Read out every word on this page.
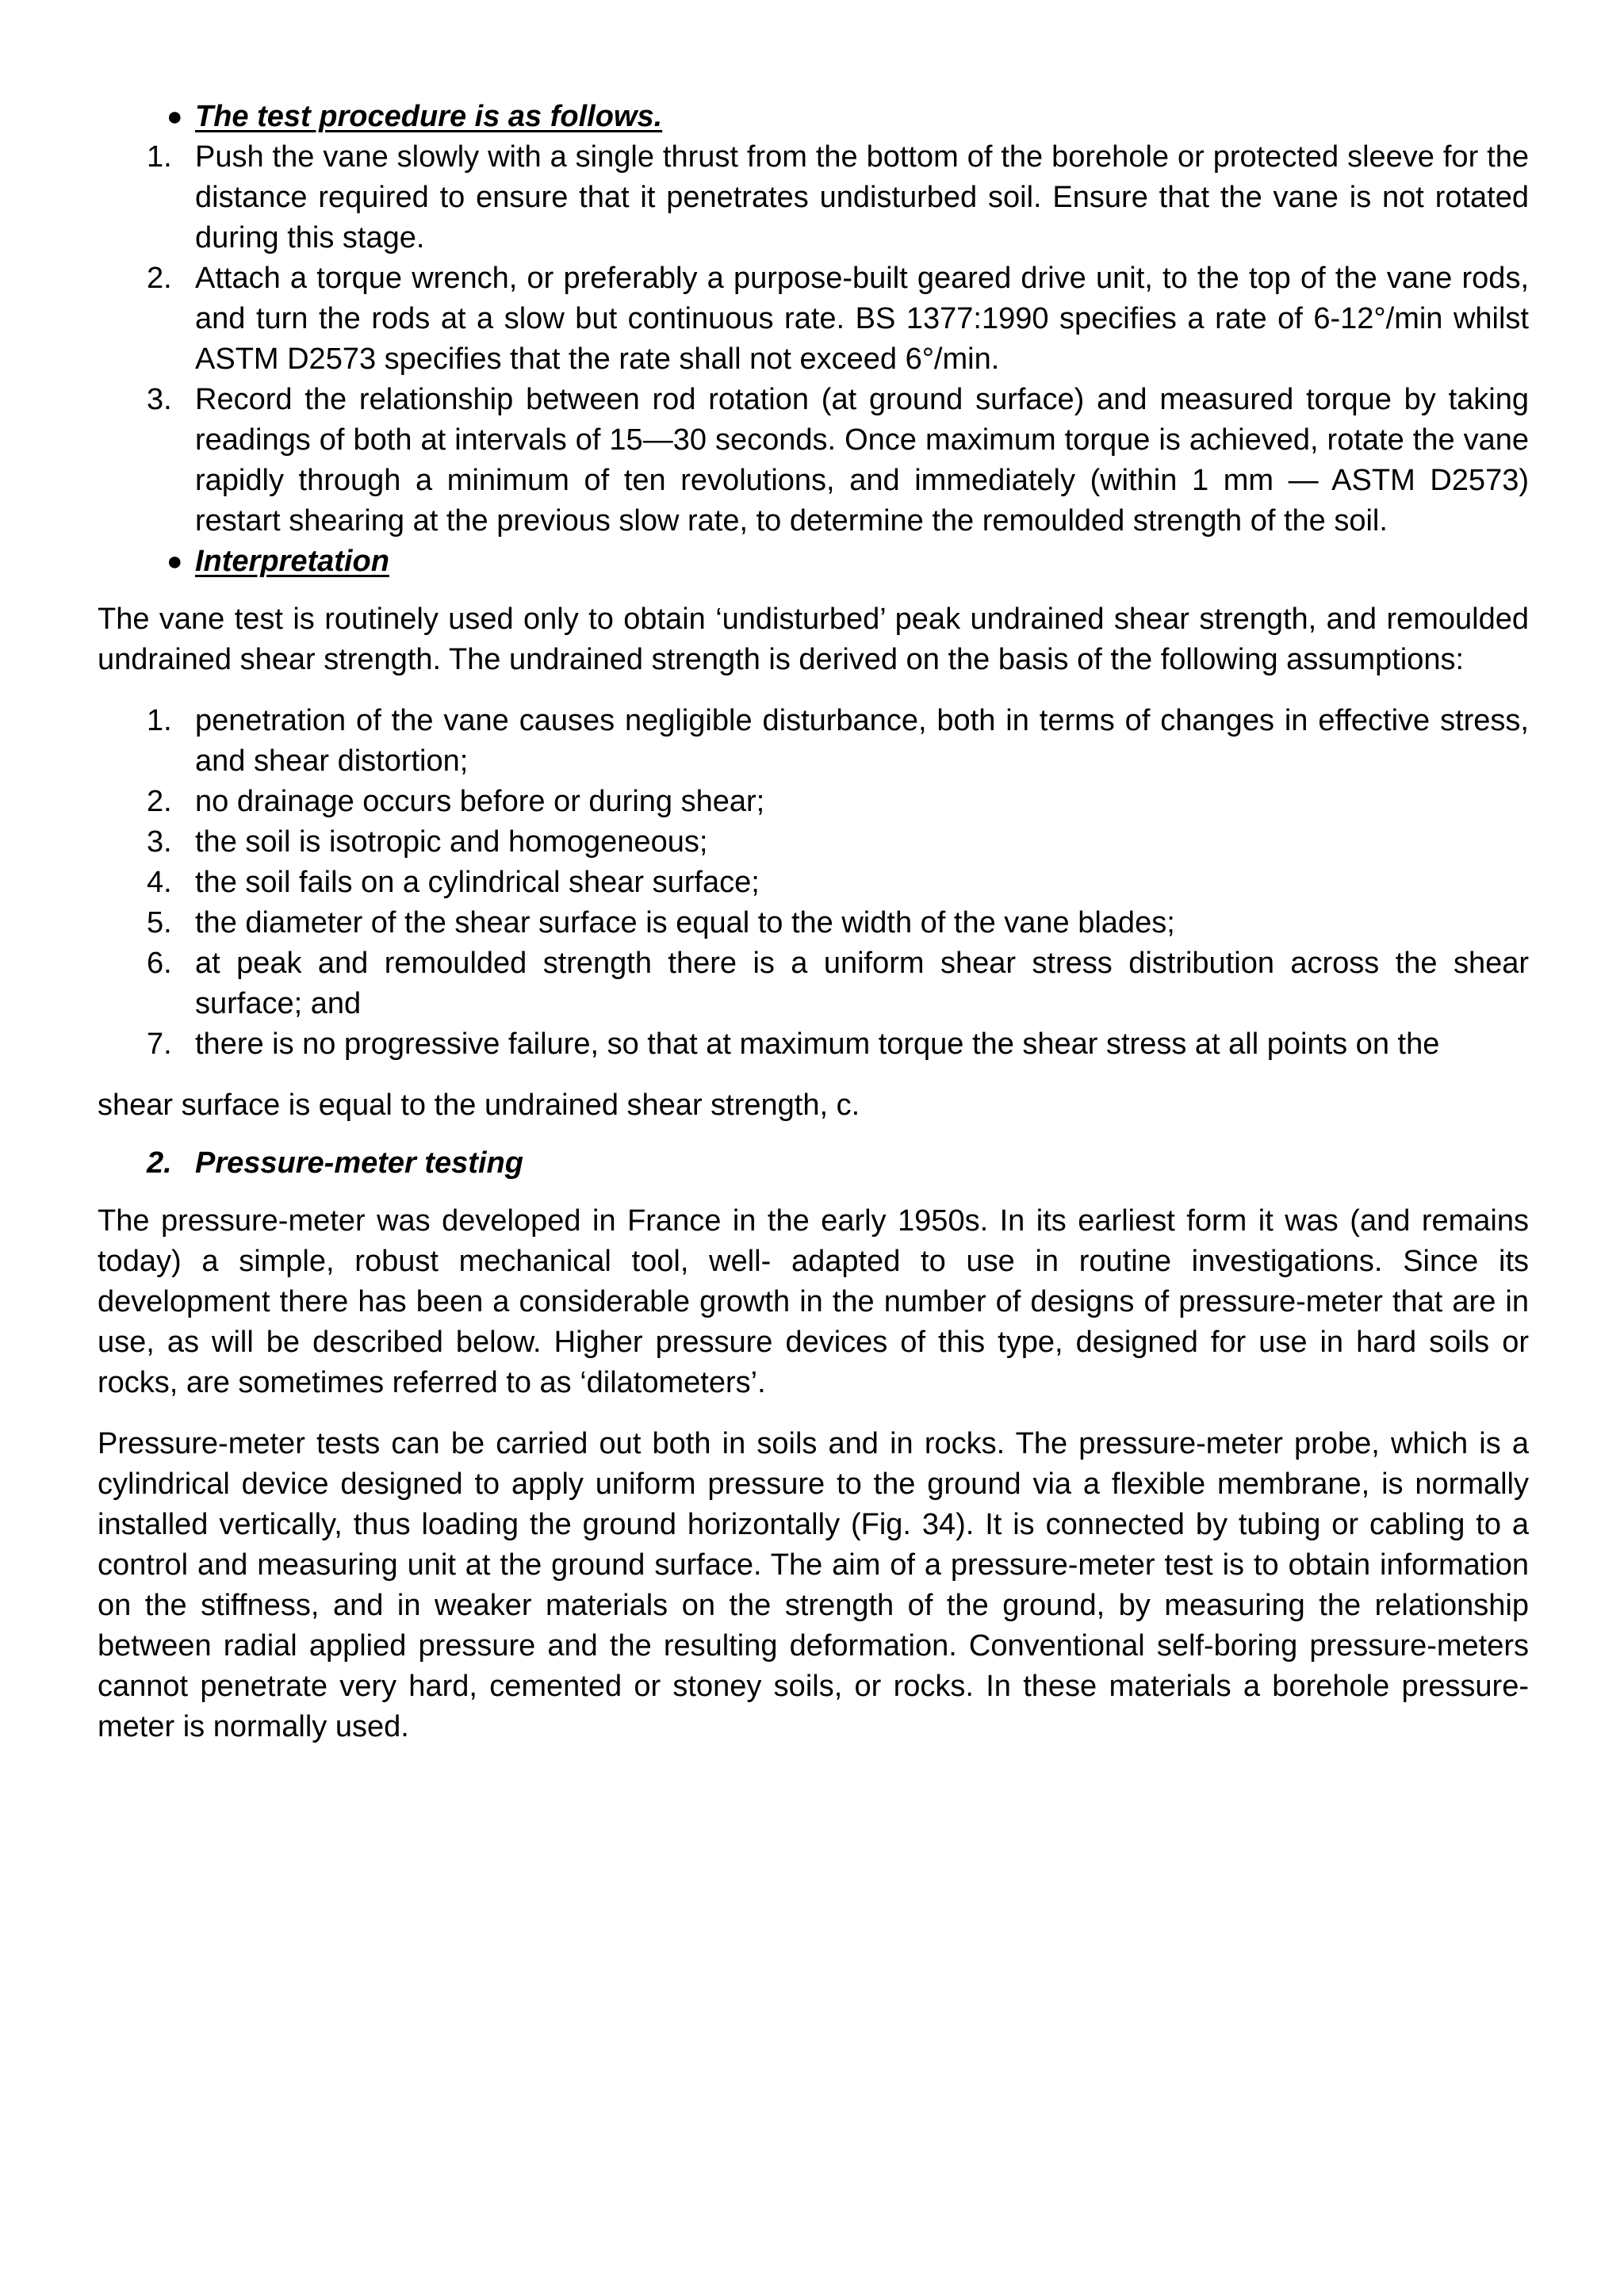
● The test procedure is as follows.

1. Push the vane slowly with a single thrust from the bottom of the borehole or protected sleeve for the distance required to ensure that it penetrates undisturbed soil. Ensure that the vane is not rotated during this stage.
2. Attach a torque wrench, or preferably a purpose-built geared drive unit, to the top of the vane rods, and turn the rods at a slow but continuous rate. BS 1377:1990 specifies a rate of 6-12°/min whilst ASTM D2573 specifies that the rate shall not exceed 6°/min.
3. Record the relationship between rod rotation (at ground surface) and measured torque by taking readings of both at intervals of 15—30 seconds. Once maximum torque is achieved, rotate the vane rapidly through a minimum of ten revolutions, and immediately (within 1 mm — ASTM D2573) restart shearing at the previous slow rate, to determine the remoulded strength of the soil.

● Interpretation

The vane test is routinely used only to obtain ‘undisturbed’ peak undrained shear strength, and remoulded undrained shear strength. The undrained strength is derived on the basis of the following assumptions:

1. penetration of the vane causes negligible disturbance, both in terms of changes in effective stress, and shear distortion;
2. no drainage occurs before or during shear;
3. the soil is isotropic and homogeneous;
4. the soil fails on a cylindrical shear surface;
5. the diameter of the shear surface is equal to the width of the vane blades;
6. at peak and remoulded strength there is a uniform shear stress distribution across the shear surface; and
7. there is no progressive failure, so that at maximum torque the shear stress at all points on the

shear surface is equal to the undrained shear strength, c.

2. Pressure-meter testing

The pressure-meter was developed in France in the early 1950s. In its earliest form it was (and remains today) a simple, robust mechanical tool, well- adapted to use in routine investigations. Since its development there has been a considerable growth in the number of designs of pressure-meter that are in use, as will be described below. Higher pressure devices of this type, designed for use in hard soils or rocks, are sometimes referred to as ‘dilatometers’.

Pressure-meter tests can be carried out both in soils and in rocks. The pressure-meter probe, which is a cylindrical device designed to apply uniform pressure to the ground via a flexible membrane, is normally installed vertically, thus loading the ground horizontally (Fig. 34). It is connected by tubing or cabling to a control and measuring unit at the ground surface. The aim of a pressure-meter test is to obtain information on the stiffness, and in weaker materials on the strength of the ground, by measuring the relationship between radial applied pressure and the resulting deformation. Conventional self-boring pressure-meters cannot penetrate very hard, cemented or stoney soils, or rocks. In these materials a borehole pressure-meter is normally used.
